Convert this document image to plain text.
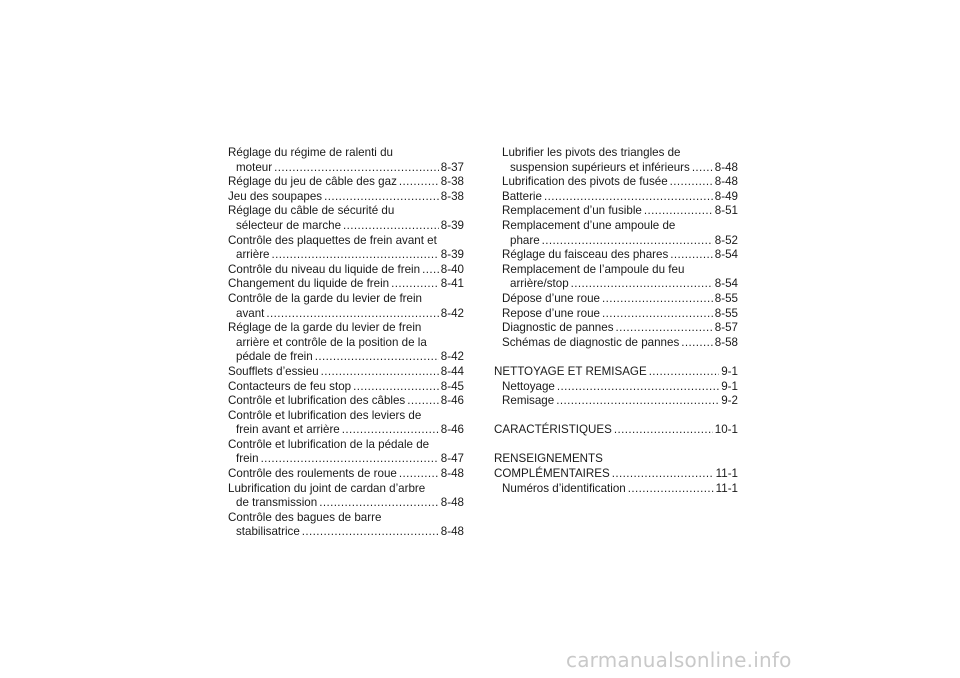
Réglage du régime de ralenti du
moteur .....	8-37
Réglage du jeu de câble des gaz .....	8-38
Jeu des soupapes .....	8-38
Réglage du câble de sécurité du
sélecteur de marche .....	8-39
Contrôle des plaquettes de frein avant et
arrière .....	8-39
Contrôle du niveau du liquide de frein ..... 8-40
Changement du liquide de frein .....	8-41
Contrôle de la garde du levier de frein
avant .....	8-42
Réglage de la garde du levier de frein
arrière et contrôle de la position de la
pédale de frein .....	8-42
Soufflets d’essieu .....	8-44
Contacteurs de feu stop .....	8-45
Contrôle et lubrification des câbles .....	8-46
Contrôle et lubrification des leviers de
frein avant et arrière .....	8-46
Contrôle et lubrification de la pédale de
frein .....	8-47
Contrôle des roulements de roue .....	8-48
Lubrification du joint de cardan d’arbre
de transmission .....	8-48
Contrôle des bagues de barre
stabilisatrice .....	8-48
Lubrifier les pivots des triangles de
suspension supérieurs et inférieurs ..... 8-48
Lubrification des pivots de fusée .....	8-48
Batterie .....	8-49
Remplacement d’un fusible .....	8-51
Remplacement d’une ampoule de
phare .....	8-52
Réglage du faisceau des phares .....	8-54
Remplacement de l’ampoule du feu
arrière/stop .....	8-54
Dépose d’une roue .....	8-55
Repose d’une roue .....	8-55
Diagnostic de pannes .....	8-57
Schémas de diagnostic de pannes .....	8-58
NETTOYAGE ET REMISAGE .....	9-1
Nettoyage .....	9-1
Remisage .....	9-2
CARACTÉRISTIQUES .....	10-1
RENSEIGNEMENTS
COMPLÉMENTAIRES .....	11-1
Numéros d’identification .....	11-1
carmanualsonline.info
